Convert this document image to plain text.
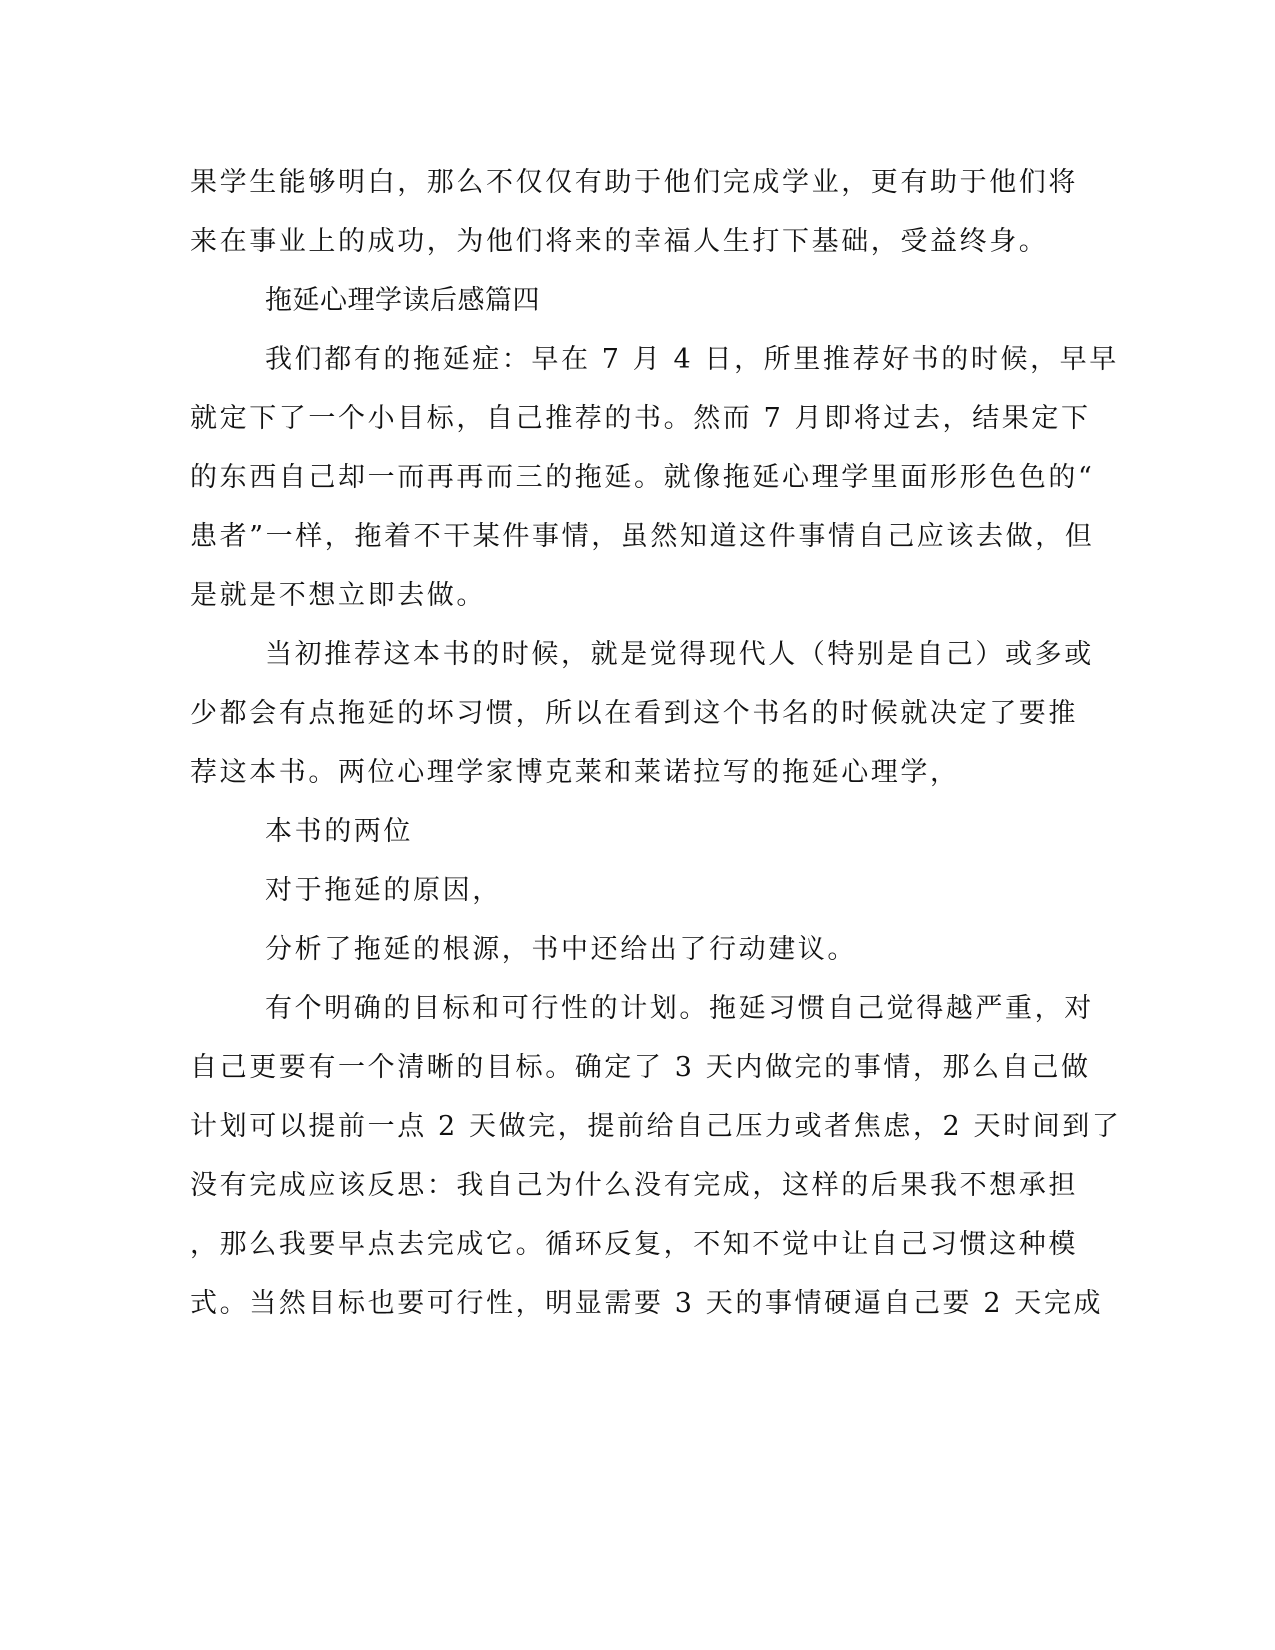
果学生能够明白，那么不仅仅有助于他们完成学业，更有助于他们将

来在事业上的成功，为他们将来的幸福人生打下基础，受益终身。

拖延心理学读后感篇四

我们都有的拖延症：早在 7 月 4 日，所里推荐好书的时候，早早

就定下了一个小目标，自己推荐的书。然而 7 月即将过去，结果定下

的东西自己却一而再再而三的拖延。就像拖延心理学里面形形色色的“

患者”一样，拖着不干某件事情，虽然知道这件事情自己应该去做，但

是就是不想立即去做。

当初推荐这本书的时候，就是觉得现代人（特别是自己）或多或

少都会有点拖延的坏习惯，所以在看到这个书名的时候就决定了要推

荐这本书。两位心理学家博克莱和莱诺拉写的拖延心理学，

本书的两位

对于拖延的原因，

分析了拖延的根源，书中还给出了行动建议。

有个明确的目标和可行性的计划。拖延习惯自己觉得越严重，对

自己更要有一个清晰的目标。确定了 3 天内做完的事情，那么自己做

计划可以提前一点 2 天做完，提前给自己压力或者焦虑，2 天时间到了

没有完成应该反思：我自己为什么没有完成，这样的后果我不想承担

，那么我要早点去完成它。循环反复，不知不觉中让自己习惯这种模

式。当然目标也要可行性，明显需要 3 天的事情硬逼自己要 2 天完成
